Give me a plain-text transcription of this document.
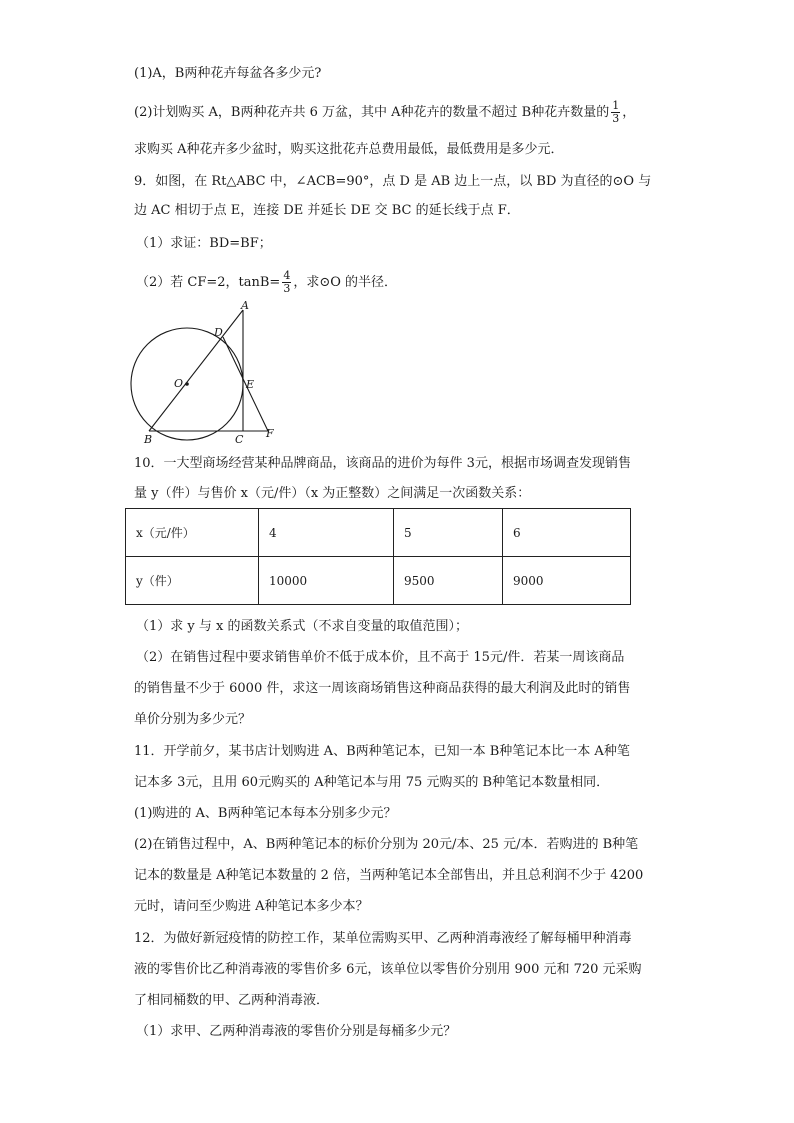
(1)A，B两种花卉每盆各多少元?
(2)计划购买 A，B两种花卉共 6 万盆，其中 A种花卉的数量不超过 B种花卉数量的 $\frac{1}{3}$ ，
求购买 A种花卉多少盆时，购买这批花卉总费用最低，最低费用是多少元．
9．如图，在 Rt△ABC 中，∠ACB=90°，点 D 是 AB 边上一点，以 BD 为直径的⊙O 与
边 AC 相切于点 E，连接 DE 并延长 DE 交 BC 的延长线于点 F．
（1）求证：BD=BF；
（2）若 CF=2，$\tan B= \frac{4}{3}$ ，求⊙O 的半径．
A
D
O	E
B	C F
10．一大型商场经营某种品牌商品，该商品的进价为每件 3元，根据市场调查发现销售
量 y（件）与售价 x（元/件）（x 为正整数）之间满足一次函数关系：
x（元/件）	4	5	6
y（件）	10000	9500	9000
（1）求 y 与 x 的函数关系式（不求自变量的取值范围）；
（2）在销售过程中要求销售单价不低于成本价，且不高于 15元/件．若某一周该商品
的销售量不少于 6000 件，求这一周该商场销售这种商品获得的最大利润及此时的销售
单价分别为多少元？
11．开学前夕，某书店计划购进 A、B两种笔记本，已知一本 B种笔记本比一本 A种笔
记本多 3元，且用 60元购买的 A种笔记本与用 75 元购买的 B种笔记本数量相同．
(1)购进的 A、B两种笔记本每本分别多少元？
(2)在销售过程中，A、B两种笔记本的标价分别为 20元/本、25 元/本．若购进的 B种笔
记本的数量是 A种笔记本数量的 2 倍，当两种笔记本全部售出，并且总利润不少于 4200
元时，请问至少购进 A种笔记本多少本？
12．为做好新冠疫情的防控工作，某单位需购买甲、乙两种消毒液经了解每桶甲种消毒
液的零售价比乙种消毒液的零售价多 6元，该单位以零售价分别用 900 元和 720 元采购
了相同桶数的甲、乙两种消毒液．
（1）求甲、乙两种消毒液的零售价分别是每桶多少元？
